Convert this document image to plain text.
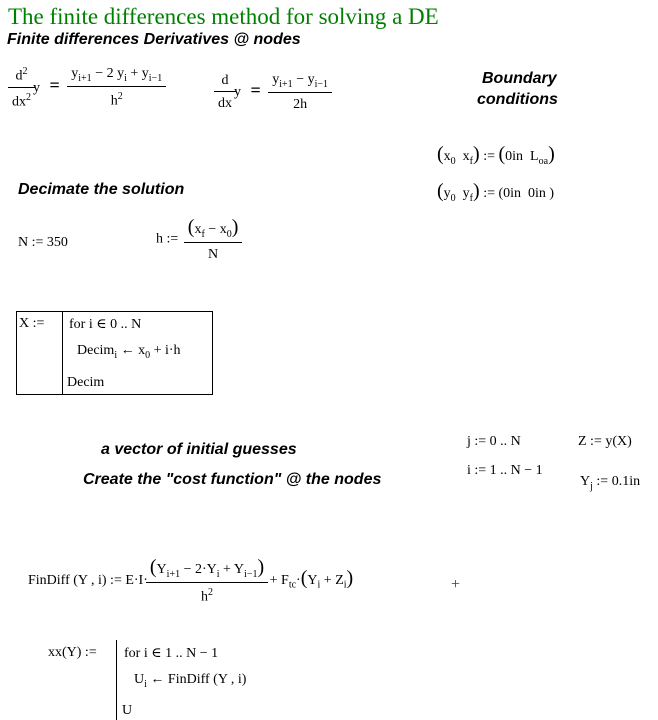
The finite differences method for solving a DE
Finite differences Derivatives @ nodes
$\frac{d^2}{dx^2}$ $y = \frac{y_{i+1} - 2 y_i + y_{i-1}}{h^2}$	$\frac{d}{dx}$ $y = \frac{y_{i+1} - y_{i-1}}{2h}$	Boundary
conditions
($x_0$ $x_f$) := (0in $L_{oa}$)
($y_0$ $y_f$) := (0in 0in )
Decimate the solution
N := 350	h := $\frac{(x_f - x_0)}{N}$
X := for i ∈ 0 .. N
Decim$_i$ ← $x_0 + i\cdot h$
Decim
a vector of initial guesses
Create the "cost function" @ the nodes
j := 0 .. N
i := 1 .. N − 1
Z := y(X)
$Y_j$ := 0.1in
FinDiff (Y , i) := $E\cdot I\cdot \frac{(Y_{i+1} - 2\cdot Y_i + Y_{i-1})}{h^2} + F_{tc}\cdot(Y_i + Z_i)$	+
xx(Y) := for i ∈ 1 .. N − 1
$U_i$ ← FinDiff (Y , i)
U
